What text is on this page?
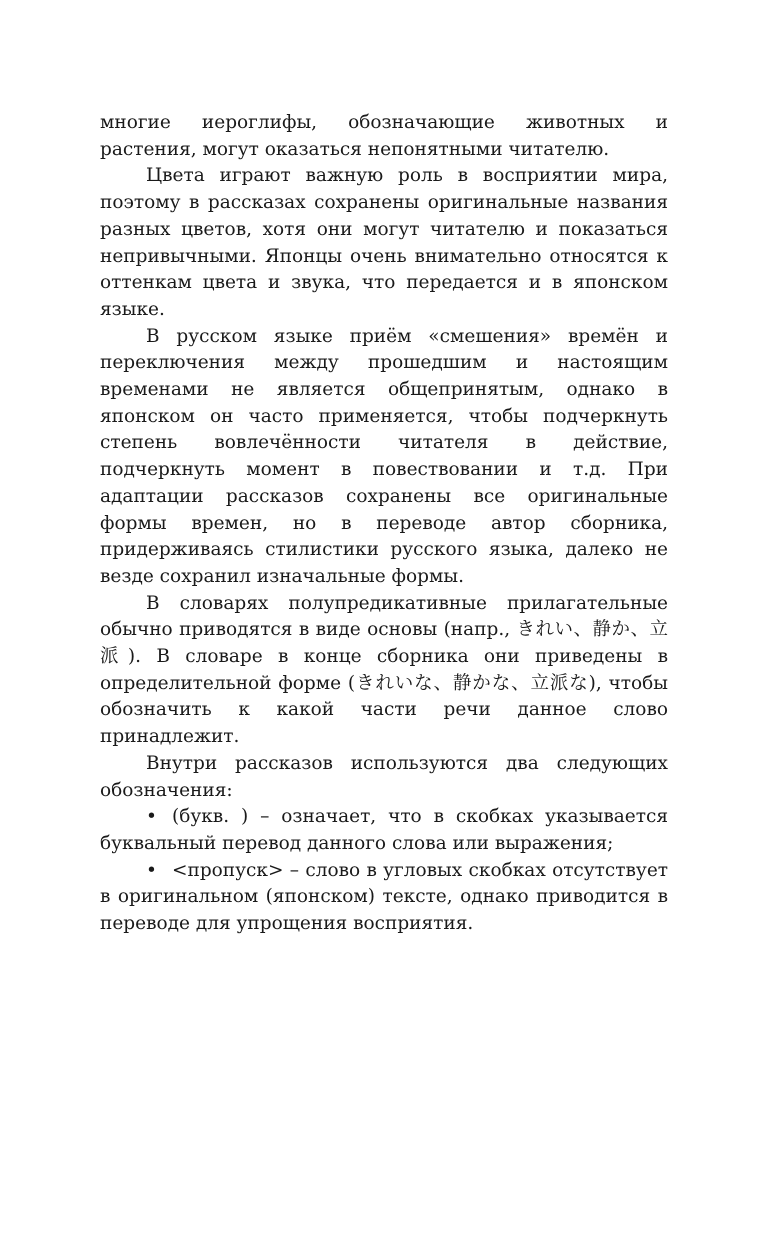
многие иероглифы, обозначающие животных и растения, могут оказаться непонятными читателю.

Цвета играют важную роль в восприятии мира, поэтому в рассказах сохранены оригинальные названия разных цветов, хотя они могут читателю и показаться непривычными. Японцы очень внимательно относятся к оттенкам цвета и звука, что передается и в японском языке.

В русском языке приём «смешения» времён и переключения между прошедшим и настоящим временами не является общепринятым, однако в японском он часто применяется, чтобы подчеркнуть степень вовлечённости читателя в действие, подчеркнуть момент в повествовании и т.д. При адаптации рассказов сохранены все оригинальные формы времен, но в переводе автор сборника, придерживаясь стилистики русского языка, далеко не везде сохранил изначальные формы.

В словарях полупредикативные прилагательные обычно приводятся в виде основы (напр., きれい、静か、立派). В словаре в конце сборника они приведены в определительной форме (きれいな、静かな、立派な), чтобы обозначить к какой части речи данное слово принадлежит.

Внутри рассказов используются два следующих обозначения:

• (букв. ) – означает, что в скобках указывается буквальный перевод данного слова или выражения;

• <пропуск> – слово в угловых скобках отсутствует в оригинальном (японском) тексте, однако приводится в переводе для упрощения восприятия.
